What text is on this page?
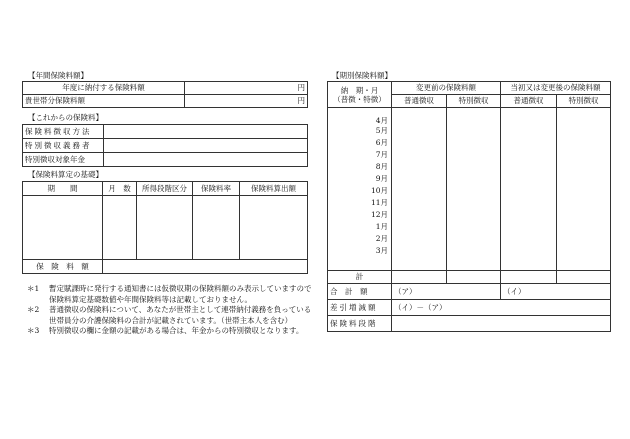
【年間保険料額】
年度に納付する保険料額	円
貴世帯分保険料額	円
【これからの保険料】
保険料徴収方法	
特別徴収義務者	
特別徴収対象年金	
【保険料算定の基礎】
期　　間	月　数	所得段階区分	保険料率	保険料算出額

保　険　料　額				
＊1	暫定賦課時に発行する通知書には仮徴収期の保険料額のみ表示していますので保険料算定基礎数値や年間保険料等は記載しておりません。
＊2	普通徴収の保険料について、あなたが世帯主として連帯納付義務を負っている世帯員分の介護保険料の合計が記載されています。（世帯主本人を含む）
＊3	特別徴収の欄に金額の記載がある場合は、年金からの特別徴収となります。
【期別保険料額】
納　期・月
（普徴・特徴）	変更前の保険料額		当初又は変更後の保険料額	
	普通徴収	特別徴収	普通徴収	特別徴収
4月				
5月				
6月				
7月				
8月				
9月				
10月				
11月				
12月				
1月				
2月				
3月				

計				
合　計　額	（ア）		（イ）	
差引増減額	（イ）－（ア）			
保険料段階				
